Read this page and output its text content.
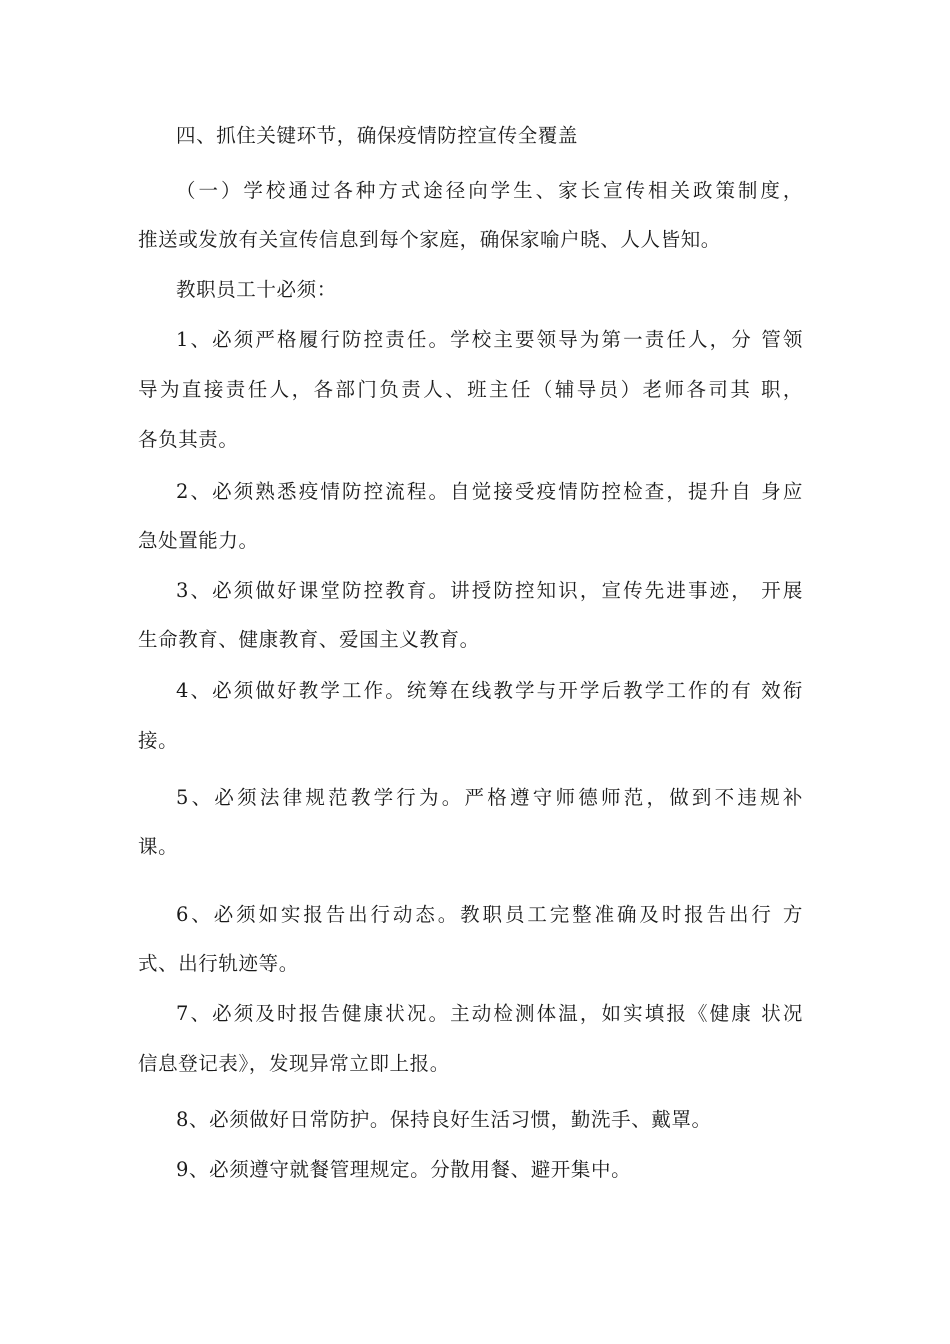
四、抓住关键环节，确保疫情防控宣传全覆盖
（一）学校通过各种方式途径向学生、家长宣传相关政策制度，
推送或发放有关宣传信息到每个家庭，确保家喻户晓、人人皆知。
教职员工十必须：
1、必须严格履行防控责任。学校主要领导为第一责任人，分 管领
导为直接责任人，各部门负责人、班主任（辅导员）老师各司其 职，
各负其责。
2、必须熟悉疫情防控流程。自觉接受疫情防控检查，提升自 身应
急处置能力。
3、必须做好课堂防控教育。讲授防控知识，宣传先进事迹， 开展
生命教育、健康教育、爱国主义教育。
4、必须做好教学工作。统筹在线教学与开学后教学工作的有 效衔
接。
5、必须法律规范教学行为。严格遵守师德师范，做到不违规补
课。
6、必须如实报告出行动态。教职员工完整准确及时报告出行 方
式、出行轨迹等。
7、必须及时报告健康状况。主动检测体温，如实填报《健康 状况
信息登记表》，发现异常立即上报。
8、必须做好日常防护。保持良好生活习惯，勤洗手、戴罩。
9、必须遵守就餐管理规定。分散用餐、避开集中。
